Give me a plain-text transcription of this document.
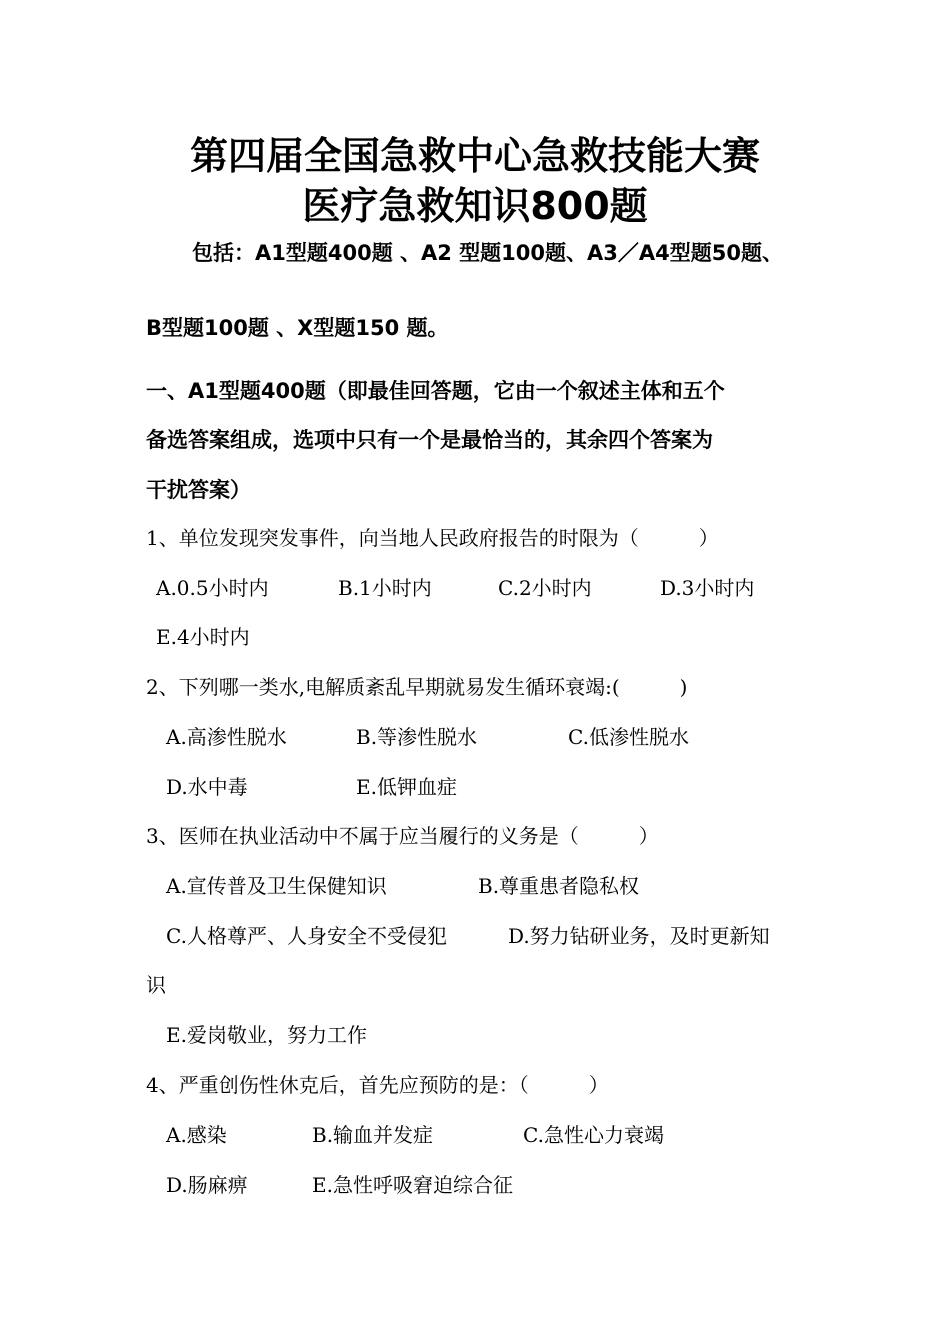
第四届全国急救中心急救技能大赛
医疗急救知识800题
包括：A1型题400题 、A2 型题100题、A3／A4型题50题、
B型题100题 、X型题150 题。
一、A1型题400题（即最佳回答题，它由一个叙述主体和五个
备选答案组成，选项中只有一个是最恰当的，其余四个答案为
干扰答案）
1、单位发现突发事件，向当地人民政府报告的时限为（　　　）
A.0.5小时内	B.1小时内	C.2小时内	D.3小时内
E.4小时内
2、下列哪一类水,电解质紊乱早期就易发生循环衰竭:(　　　)
A.高渗性脱水	B.等渗性脱水	C.低渗性脱水
D.水中毒	E.低钾血症
3、医师在执业活动中不属于应当履行的义务是（　　　）
A.宣传普及卫生保健知识	B.尊重患者隐私权
C.人格尊严、人身安全不受侵犯	D.努力钻研业务，及时更新知
识
E.爱岗敬业，努力工作
4、严重创伤性休克后，首先应预防的是：（　　　）
A.感染	B.输血并发症	C.急性心力衰竭
D.肠麻痹	E.急性呼吸窘迫综合征
